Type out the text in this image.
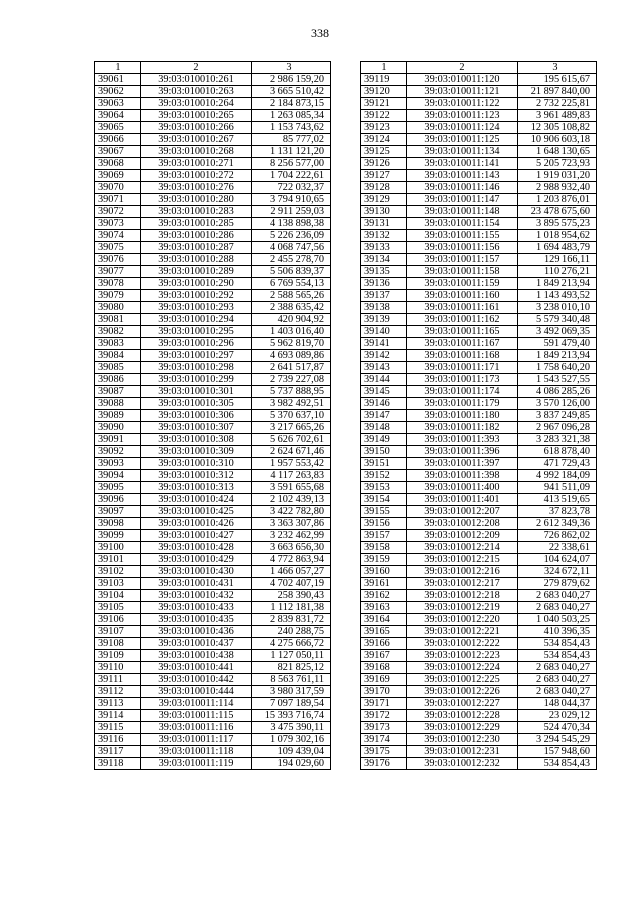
338
1	2	3
39061	39:03:010010:261	2 986 159,20
39062	39:03:010010:263	3 665 510,42
39063	39:03:010010:264	2 184 873,15
39064	39:03:010010:265	1 263 085,34
39065	39:03:010010:266	1 153 743,62
39066	39:03:010010:267	85 777,02
39067	39:03:010010:268	1 131 121,20
39068	39:03:010010:271	8 256 577,00
39069	39:03:010010:272	1 704 222,61
39070	39:03:010010:276	722 032,37
39071	39:03:010010:280	3 794 910,65
39072	39:03:010010:283	2 911 259,03
39073	39:03:010010:285	4 138 898,38
39074	39:03:010010:286	5 226 236,09
39075	39:03:010010:287	4 068 747,56
39076	39:03:010010:288	2 455 278,70
39077	39:03:010010:289	5 506 839,37
39078	39:03:010010:290	6 769 554,13
39079	39:03:010010:292	2 588 565,26
39080	39:03:010010:293	2 388 635,42
39081	39:03:010010:294	420 904,92
39082	39:03:010010:295	1 403 016,40
39083	39:03:010010:296	5 962 819,70
39084	39:03:010010:297	4 693 089,86
39085	39:03:010010:298	2 641 517,87
39086	39:03:010010:299	2 739 227,08
39087	39:03:010010:301	5 737 888,95
39088	39:03:010010:305	3 982 492,51
39089	39:03:010010:306	5 370 637,10
39090	39:03:010010:307	3 217 665,26
39091	39:03:010010:308	5 626 702,61
39092	39:03:010010:309	2 624 671,46
39093	39:03:010010:310	1 957 553,42
39094	39:03:010010:312	4 117 263,83
39095	39:03:010010:313	3 591 655,68
39096	39:03:010010:424	2 102 439,13
39097	39:03:010010:425	3 422 782,80
39098	39:03:010010:426	3 363 307,86
39099	39:03:010010:427	3 232 462,99
39100	39:03:010010:428	3 663 656,30
39101	39:03:010010:429	4 772 863,94
39102	39:03:010010:430	1 466 057,27
39103	39:03:010010:431	4 702 407,19
39104	39:03:010010:432	258 390,43
39105	39:03:010010:433	1 112 181,38
39106	39:03:010010:435	2 839 831,72
39107	39:03:010010:436	240 288,75
39108	39:03:010010:437	4 275 666,72
39109	39:03:010010:438	1 127 050,11
39110	39:03:010010:441	821 825,12
39111	39:03:010010:442	8 563 761,11
39112	39:03:010010:444	3 980 317,59
39113	39:03:010011:114	7 097 189,54
39114	39:03:010011:115	15 393 716,74
39115	39:03:010011:116	3 475 390,11
39116	39:03:010011:117	1 079 302,16
39117	39:03:010011:118	109 439,04
39118	39:03:010011:119	194 029,60
1	2	3
39119	39:03:010011:120	195 615,67
39120	39:03:010011:121	21 897 840,00
39121	39:03:010011:122	2 732 225,81
39122	39:03:010011:123	3 961 489,83
39123	39:03:010011:124	12 305 108,82
39124	39:03:010011:125	10 906 603,18
39125	39:03:010011:134	1 648 130,65
39126	39:03:010011:141	5 205 723,93
39127	39:03:010011:143	1 919 031,20
39128	39:03:010011:146	2 988 932,40
39129	39:03:010011:147	1 203 876,01
39130	39:03:010011:148	23 478 675,60
39131	39:03:010011:154	3 895 575,23
39132	39:03:010011:155	1 018 954,62
39133	39:03:010011:156	1 694 483,79
39134	39:03:010011:157	129 166,11
39135	39:03:010011:158	110 276,21
39136	39:03:010011:159	1 849 213,94
39137	39:03:010011:160	1 143 493,52
39138	39:03:010011:161	3 238 010,10
39139	39:03:010011:162	5 579 340,48
39140	39:03:010011:165	3 492 069,35
39141	39:03:010011:167	591 479,40
39142	39:03:010011:168	1 849 213,94
39143	39:03:010011:171	1 758 640,20
39144	39:03:010011:173	1 543 527,55
39145	39:03:010011:174	4 086 285,26
39146	39:03:010011:179	3 570 126,00
39147	39:03:010011:180	3 837 249,85
39148	39:03:010011:182	2 967 096,28
39149	39:03:010011:393	3 283 321,38
39150	39:03:010011:396	618 878,40
39151	39:03:010011:397	471 729,43
39152	39:03:010011:398	4 992 184,09
39153	39:03:010011:400	941 511,09
39154	39:03:010011:401	413 519,65
39155	39:03:010012:207	37 823,78
39156	39:03:010012:208	2 612 349,36
39157	39:03:010012:209	726 862,02
39158	39:03:010012:214	22 338,61
39159	39:03:010012:215	104 624,07
39160	39:03:010012:216	324 672,11
39161	39:03:010012:217	279 879,62
39162	39:03:010012:218	2 683 040,27
39163	39:03:010012:219	2 683 040,27
39164	39:03:010012:220	1 040 503,25
39165	39:03:010012:221	410 396,35
39166	39:03:010012:222	534 854,43
39167	39:03:010012:223	534 854,43
39168	39:03:010012:224	2 683 040,27
39169	39:03:010012:225	2 683 040,27
39170	39:03:010012:226	2 683 040,27
39171	39:03:010012:227	148 044,37
39172	39:03:010012:228	23 029,12
39173	39:03:010012:229	524 470,34
39174	39:03:010012:230	3 294 545,29
39175	39:03:010012:231	157 948,60
39176	39:03:010012:232	534 854,43
